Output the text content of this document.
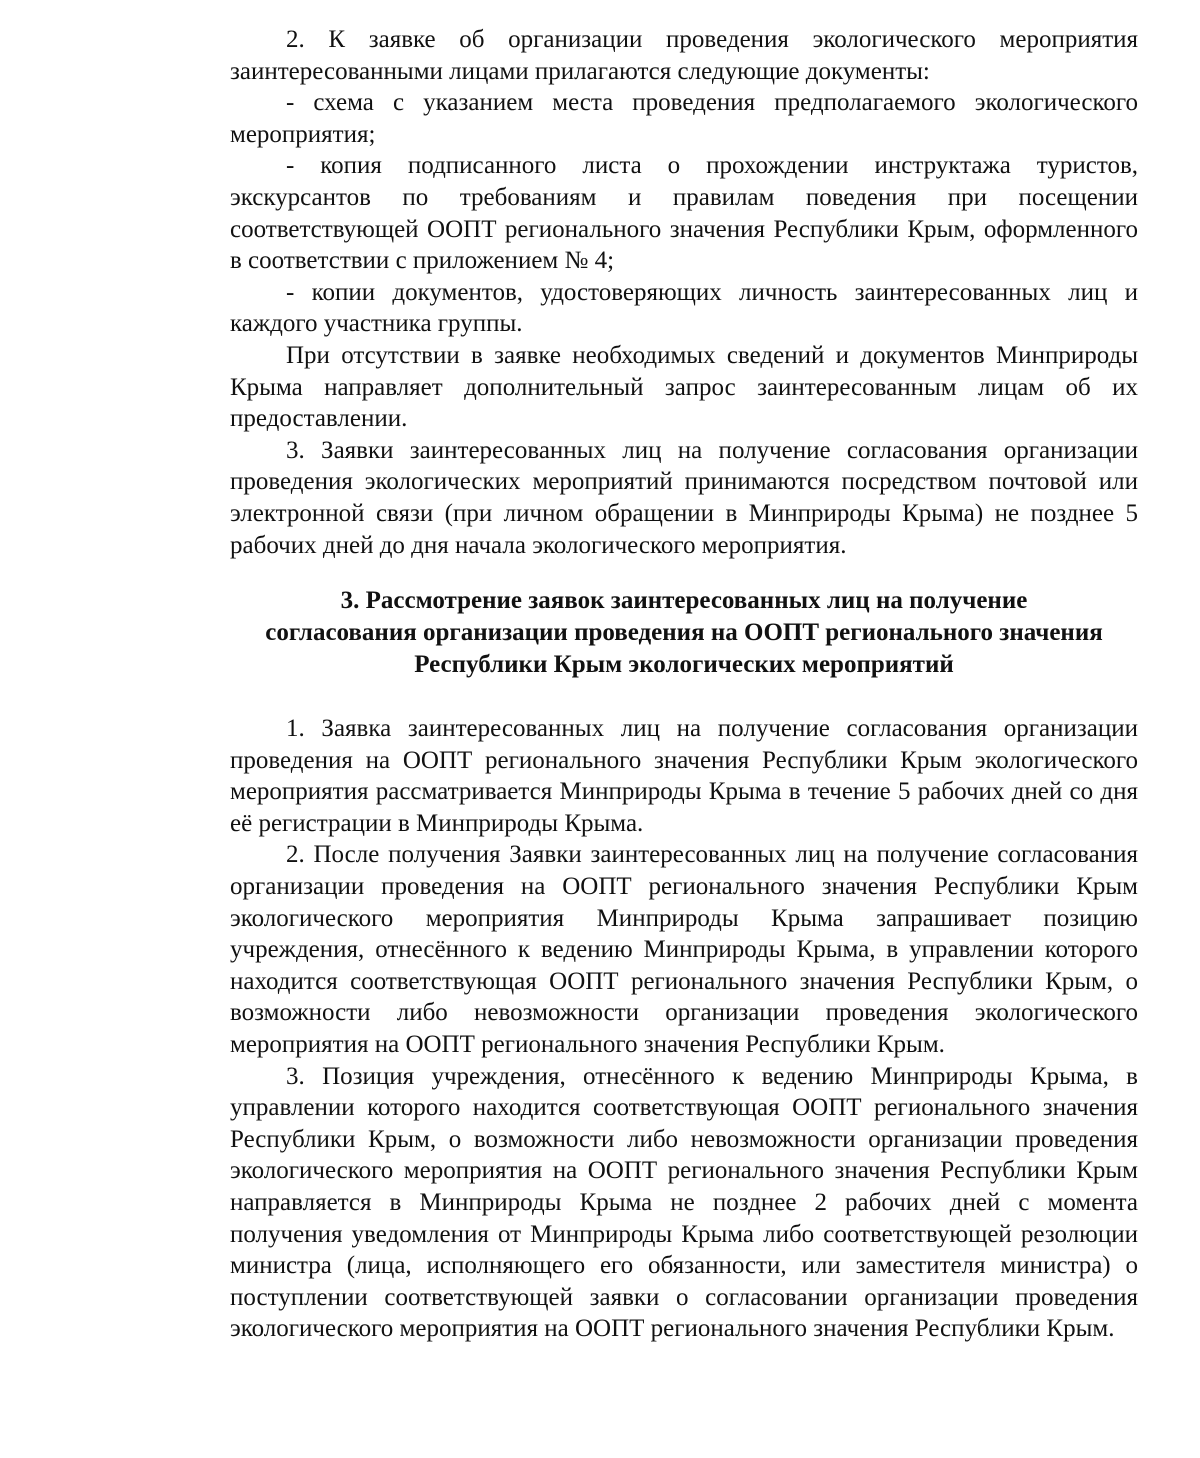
2. К заявке об организации проведения экологического мероприятия заинтересованными лицами прилагаются следующие документы:

- схема с указанием места проведения предполагаемого экологического мероприятия;

- копия подписанного листа о прохождении инструктажа туристов, экскурсантов по требованиям и правилам поведения при посещении соответствующей ООПТ регионального значения Республики Крым, оформленного в соответствии с приложением № 4;

- копии документов, удостоверяющих личность заинтересованных лиц и каждого участника группы.

При отсутствии в заявке необходимых сведений и документов Минприроды Крыма направляет дополнительный запрос заинтересованным лицам об их предоставлении.

3. Заявки заинтересованных лиц на получение согласования организации проведения экологических мероприятий принимаются посредством почтовой или электронной связи (при личном обращении в Минприроды Крыма) не позднее 5 рабочих дней до дня начала экологического мероприятия.

3. Рассмотрение заявок заинтересованных лиц на получение

согласования организации проведения на ООПТ регионального значения

Республики Крым экологических мероприятий

1. Заявка заинтересованных лиц на получение согласования организации проведения на ООПТ регионального значения Республики Крым экологического мероприятия рассматривается Минприроды Крыма в течение 5 рабочих дней со дня её регистрации в Минприроды Крыма.

2. После получения Заявки заинтересованных лиц на получение согласования организации проведения на ООПТ регионального значения Республики Крым экологического мероприятия Минприроды Крыма запрашивает позицию учреждения, отнесённого к ведению Минприроды Крыма, в управлении которого находится соответствующая ООПТ регионального значения Республики Крым, о возможности либо невозможности организации проведения экологического мероприятия на ООПТ регионального значения Республики Крым.

3. Позиция учреждения, отнесённого к ведению Минприроды Крыма, в управлении которого находится соответствующая ООПТ регионального значения Республики Крым, о возможности либо невозможности организации проведения экологического мероприятия на ООПТ регионального значения Республики Крым направляется в Минприроды Крыма не позднее 2 рабочих дней с момента получения уведомления от Минприроды Крыма либо соответствующей резолюции министра (лица, исполняющего его обязанности, или заместителя министра) о поступлении соответствующей заявки о согласовании организации проведения экологического мероприятия на ООПТ регионального значения Республики Крым.
